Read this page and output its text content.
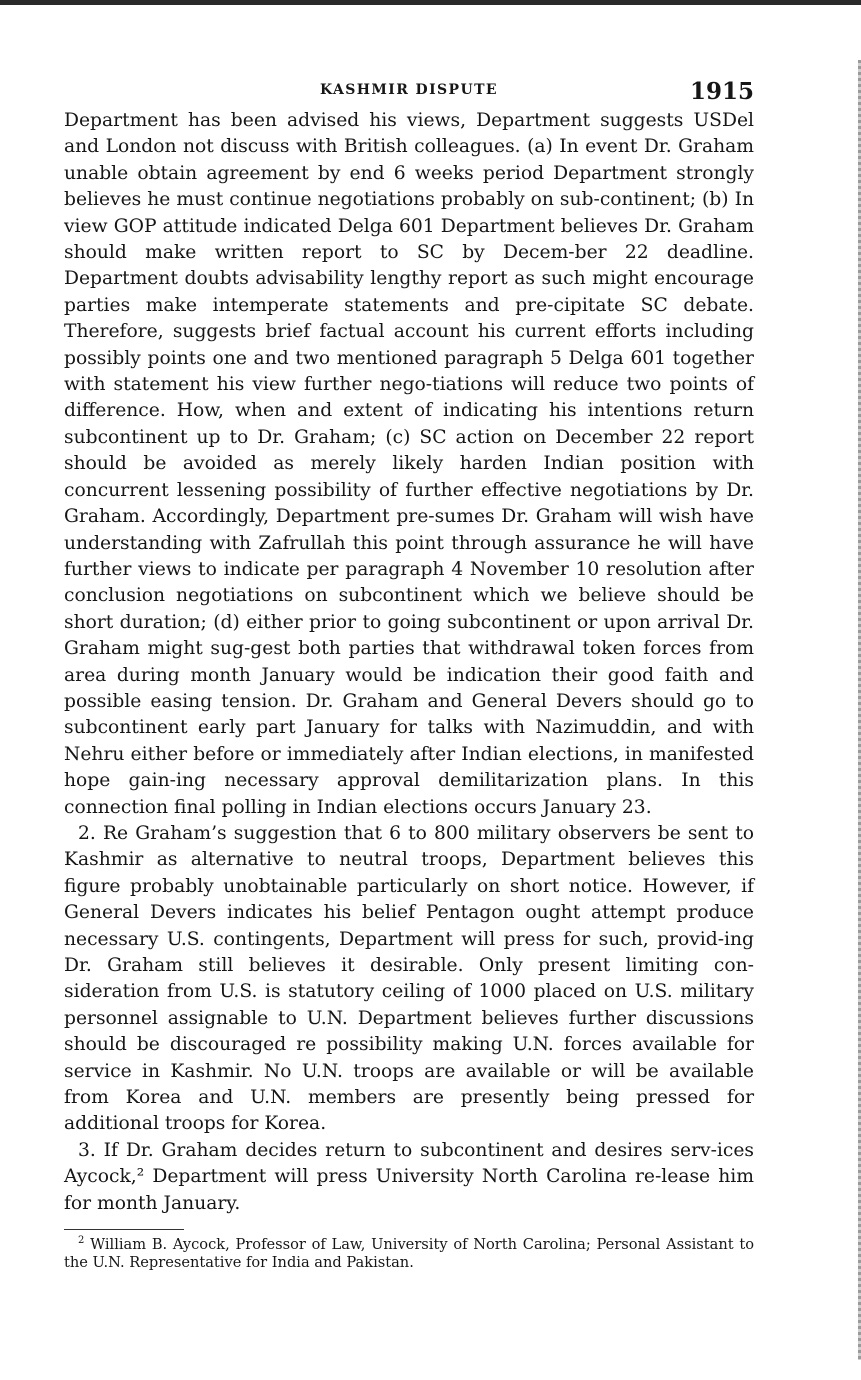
KASHMIR DISPUTE	1915

Department has been advised his views, Department suggests USDel and London not discuss with British colleagues. (a) In event Dr. Graham unable obtain agreement by end 6 weeks period Department strongly believes he must continue negotiations probably on sub-continent; (b) In view GOP attitude indicated Delga 601 Department believes Dr. Graham should make written report to SC by Decem-ber 22 deadline. Department doubts advisability lengthy report as such might encourage parties make intemperate statements and pre-cipitate SC debate. Therefore, suggests brief factual account his current efforts including possibly points one and two mentioned paragraph 5 Delga 601 together with statement his view further nego-tiations will reduce two points of difference. How, when and extent of indicating his intentions return subcontinent up to Dr. Graham; (c) SC action on December 22 report should be avoided as merely likely harden Indian position with concurrent lessening possibility of further effective negotiations by Dr. Graham. Accordingly, Department pre-sumes Dr. Graham will wish have understanding with Zafrullah this point through assurance he will have further views to indicate per paragraph 4 November 10 resolution after conclusion negotiations on subcontinent which we believe should be short duration; (d) either prior to going subcontinent or upon arrival Dr. Graham might sug-gest both parties that withdrawal token forces from area during month January would be indication their good faith and possible easing tension. Dr. Graham and General Devers should go to subcontinent early part January for talks with Nazimuddin, and with Nehru either before or immediately after Indian elections, in manifested hope gain-ing necessary approval demilitarization plans. In this connection final polling in Indian elections occurs January 23.

2. Re Graham’s suggestion that 6 to 800 military observers be sent to Kashmir as alternative to neutral troops, Department believes this figure probably unobtainable particularly on short notice. However, if General Devers indicates his belief Pentagon ought attempt produce necessary U.S. contingents, Department will press for such, provid-ing Dr. Graham still believes it desirable. Only present limiting con-sideration from U.S. is statutory ceiling of 1000 placed on U.S. military personnel assignable to U.N. Department believes further discussions should be discouraged re possibility making U.N. forces available for service in Kashmir. No U.N. troops are available or will be available from Korea and U.N. members are presently being pressed for additional troops for Korea.

3. If Dr. Graham decides return to subcontinent and desires serv-ices Aycock,² Department will press University North Carolina re-lease him for month January.

$^2$ William B. Aycock, Professor of Law, University of North Carolina; Personal Assistant to the U.N. Representative for India and Pakistan.
